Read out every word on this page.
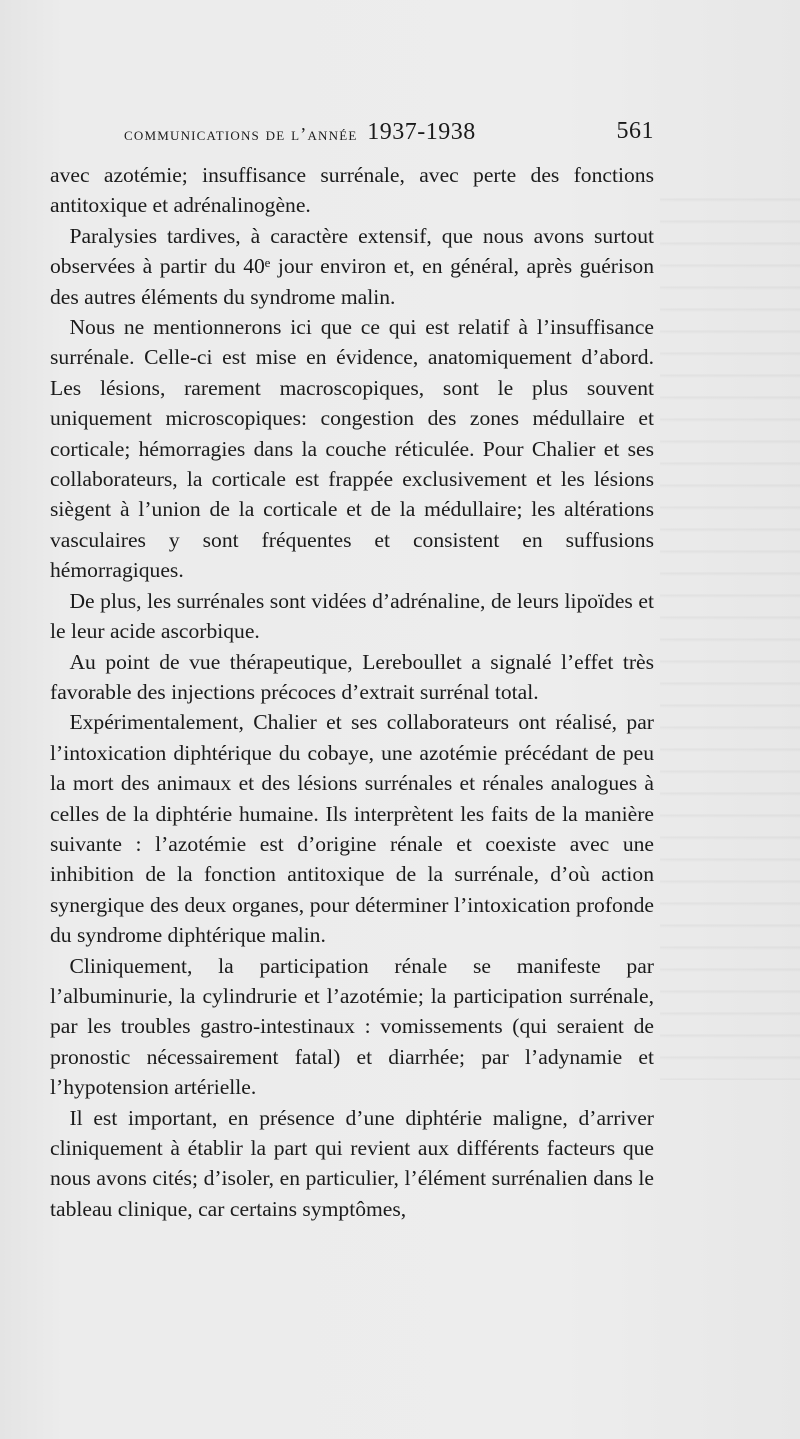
communications de l’année 1937-1938	561

avec azotémie; insuffisance surrénale, avec perte des fonctions antitoxique et adrénalinogène.

Paralysies tardives, à caractère extensif, que nous avons surtout observées à partir du 40ᵉ jour environ et, en général, après guérison des autres éléments du syndrome malin.

Nous ne mentionnerons ici que ce qui est relatif à l’insuffisance surrénale. Celle-ci est mise en évidence, anatomiquement d’abord. Les lésions, rarement macroscopiques, sont le plus souvent uniquement microscopiques: congestion des zones médullaire et corticale; hémorragies dans la couche réticulée. Pour Chalier et ses collaborateurs, la corticale est frappée exclusivement et les lésions siègent à l’union de la corticale et de la médullaire; les altérations vasculaires y sont fréquentes et consistent en suffusions hémorragiques.

De plus, les surrénales sont vidées d’adrénaline, de leurs lipoïdes et le leur acide ascorbique.

Au point de vue thérapeutique, Lereboullet a signalé l’effet très favorable des injections précoces d’extrait surrénal total.

Expérimentalement, Chalier et ses collaborateurs ont réalisé, par l’intoxication diphtérique du cobaye, une azotémie précédant de peu la mort des animaux et des lésions surrénales et rénales analogues à celles de la diphtérie humaine. Ils interprètent les faits de la manière suivante : l’azotémie est d’origine rénale et coexiste avec une inhibition de la fonction antitoxique de la surrénale, d’où action synergique des deux organes, pour déterminer l’intoxication profonde du syndrome diphtérique malin.

Cliniquement, la participation rénale se manifeste par l’albuminurie, la cylindrurie et l’azotémie; la participation surrénale, par les troubles gastro-intestinaux : vomissements (qui seraient de pronostic nécessairement fatal) et diarrhée; par l’adynamie et l’hypotension artérielle.

Il est important, en présence d’une diphtérie maligne, d’arriver cliniquement à établir la part qui revient aux différents facteurs que nous avons cités; d’isoler, en particulier, l’élément surrénalien dans le tableau clinique, car certains symptômes,
